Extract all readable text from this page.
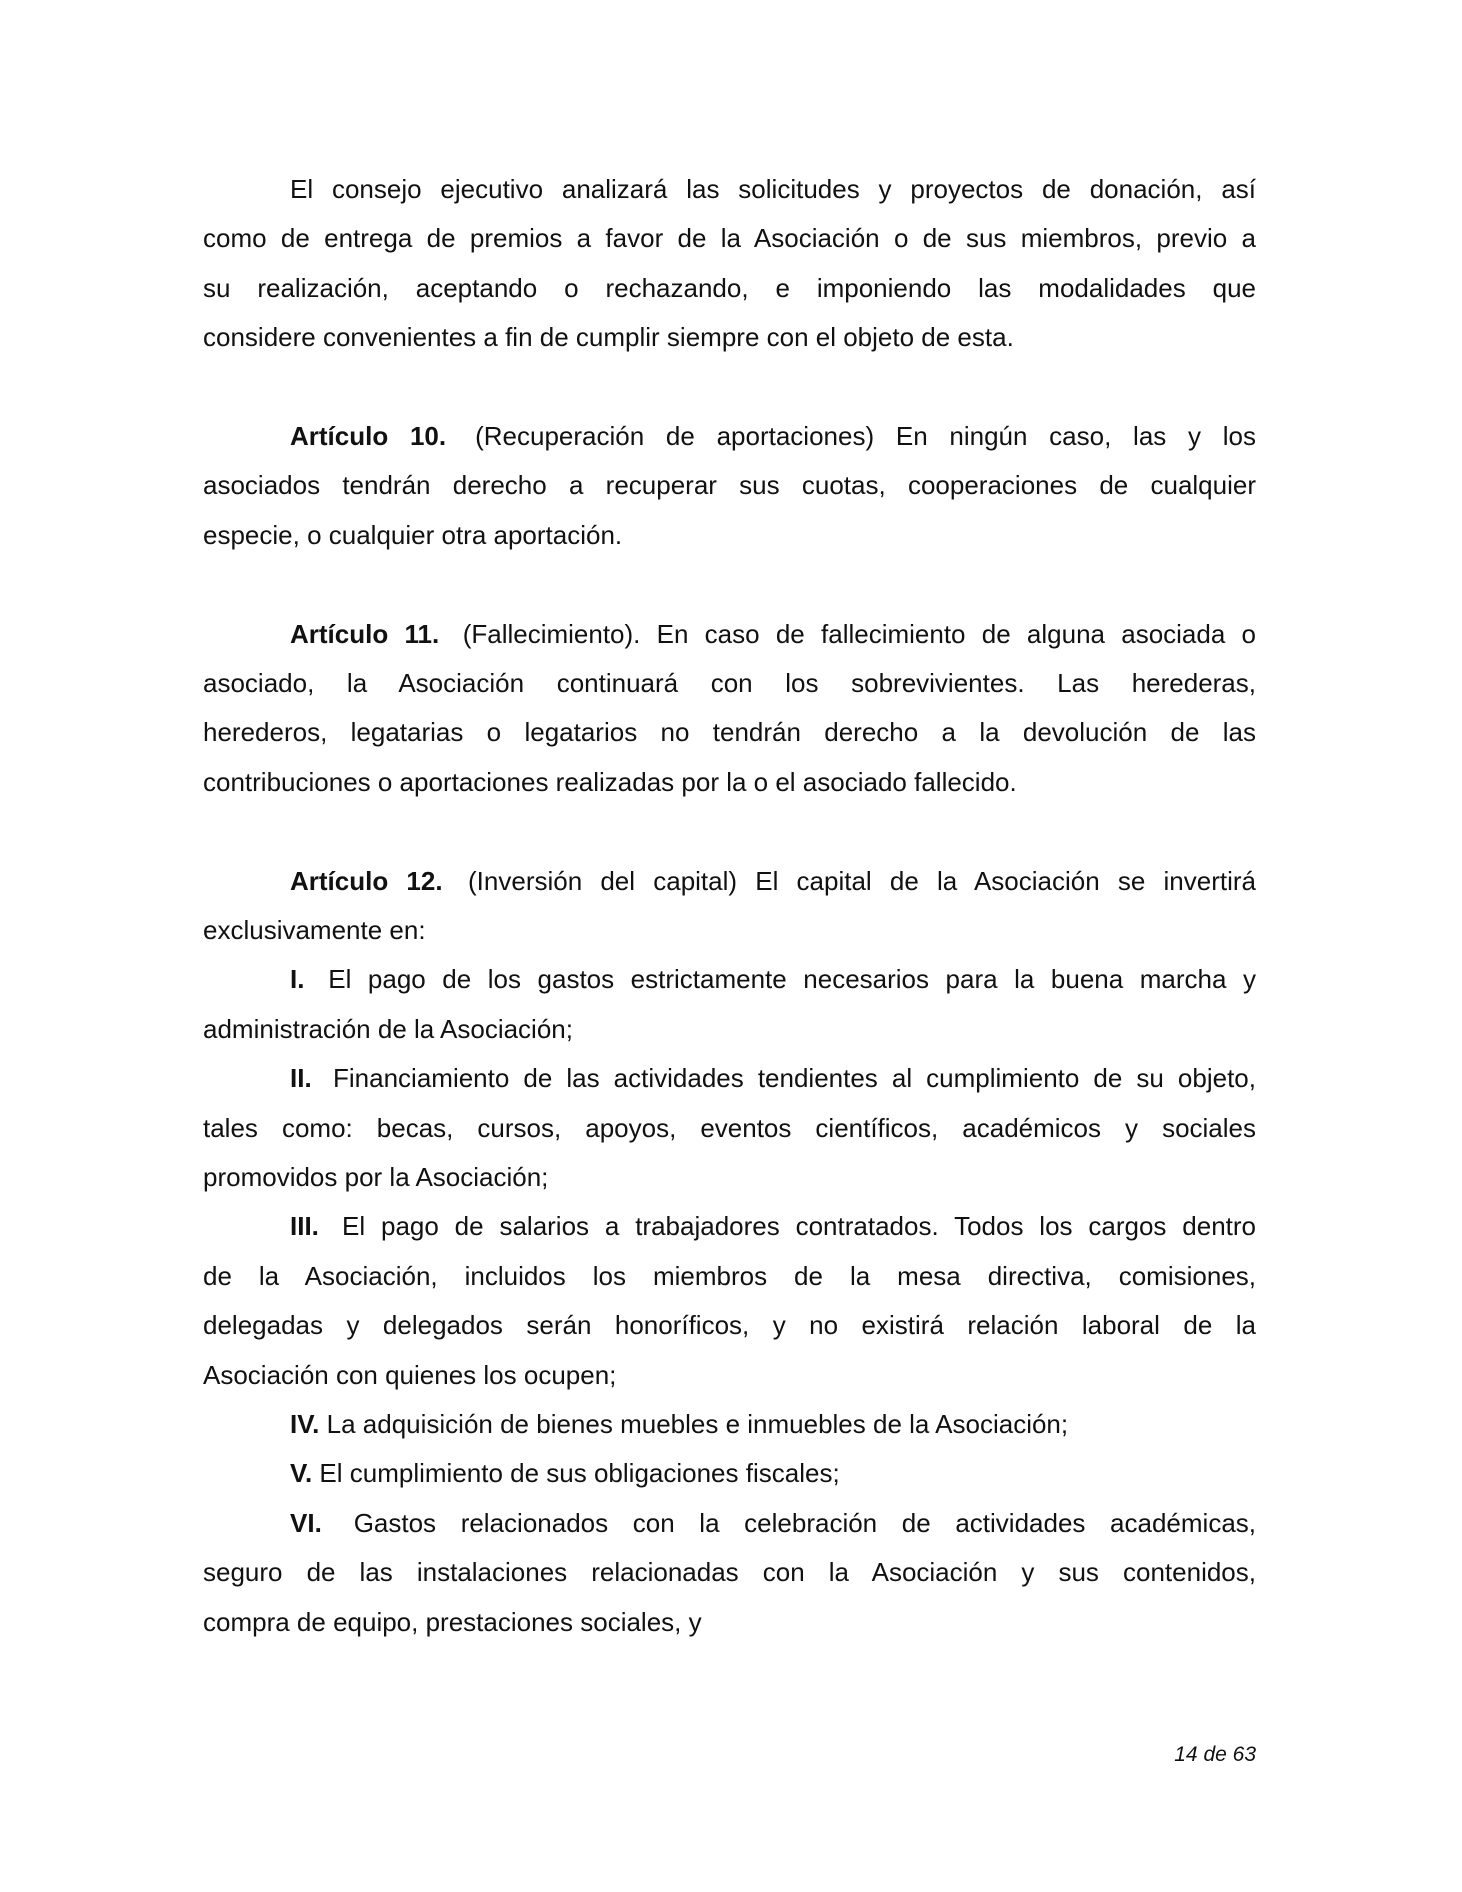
El consejo ejecutivo analizará las solicitudes y proyectos de donación, así
como de entrega de premios a favor de la Asociación o de sus miembros, previo a
su realización, aceptando o rechazando, e imponiendo las modalidades que
considere convenientes a fin de cumplir siempre con el objeto de esta.
Artículo 10. (Recuperación de aportaciones) En ningún caso, las y los
asociados tendrán derecho a recuperar sus cuotas, cooperaciones de cualquier
especie, o cualquier otra aportación.
Artículo 11. (Fallecimiento). En caso de fallecimiento de alguna asociada o
asociado, la Asociación continuará con los sobrevivientes. Las herederas,
herederos, legatarias o legatarios no tendrán derecho a la devolución de las
contribuciones o aportaciones realizadas por la o el asociado fallecido.
Artículo 12. (Inversión del capital) El capital de la Asociación se invertirá
exclusivamente en:
I. El pago de los gastos estrictamente necesarios para la buena marcha y
administración de la Asociación;
II. Financiamiento de las actividades tendientes al cumplimiento de su objeto,
tales como: becas, cursos, apoyos, eventos científicos, académicos y sociales
promovidos por la Asociación;
III. El pago de salarios a trabajadores contratados. Todos los cargos dentro
de la Asociación, incluidos los miembros de la mesa directiva, comisiones,
delegadas y delegados serán honoríficos, y no existirá relación laboral de la
Asociación con quienes los ocupen;
IV. La adquisición de bienes muebles e inmuebles de la Asociación;
V. El cumplimiento de sus obligaciones fiscales;
VI. Gastos relacionados con la celebración de actividades académicas,
seguro de las instalaciones relacionadas con la Asociación y sus contenidos,
compra de equipo, prestaciones sociales, y
14 de 63
